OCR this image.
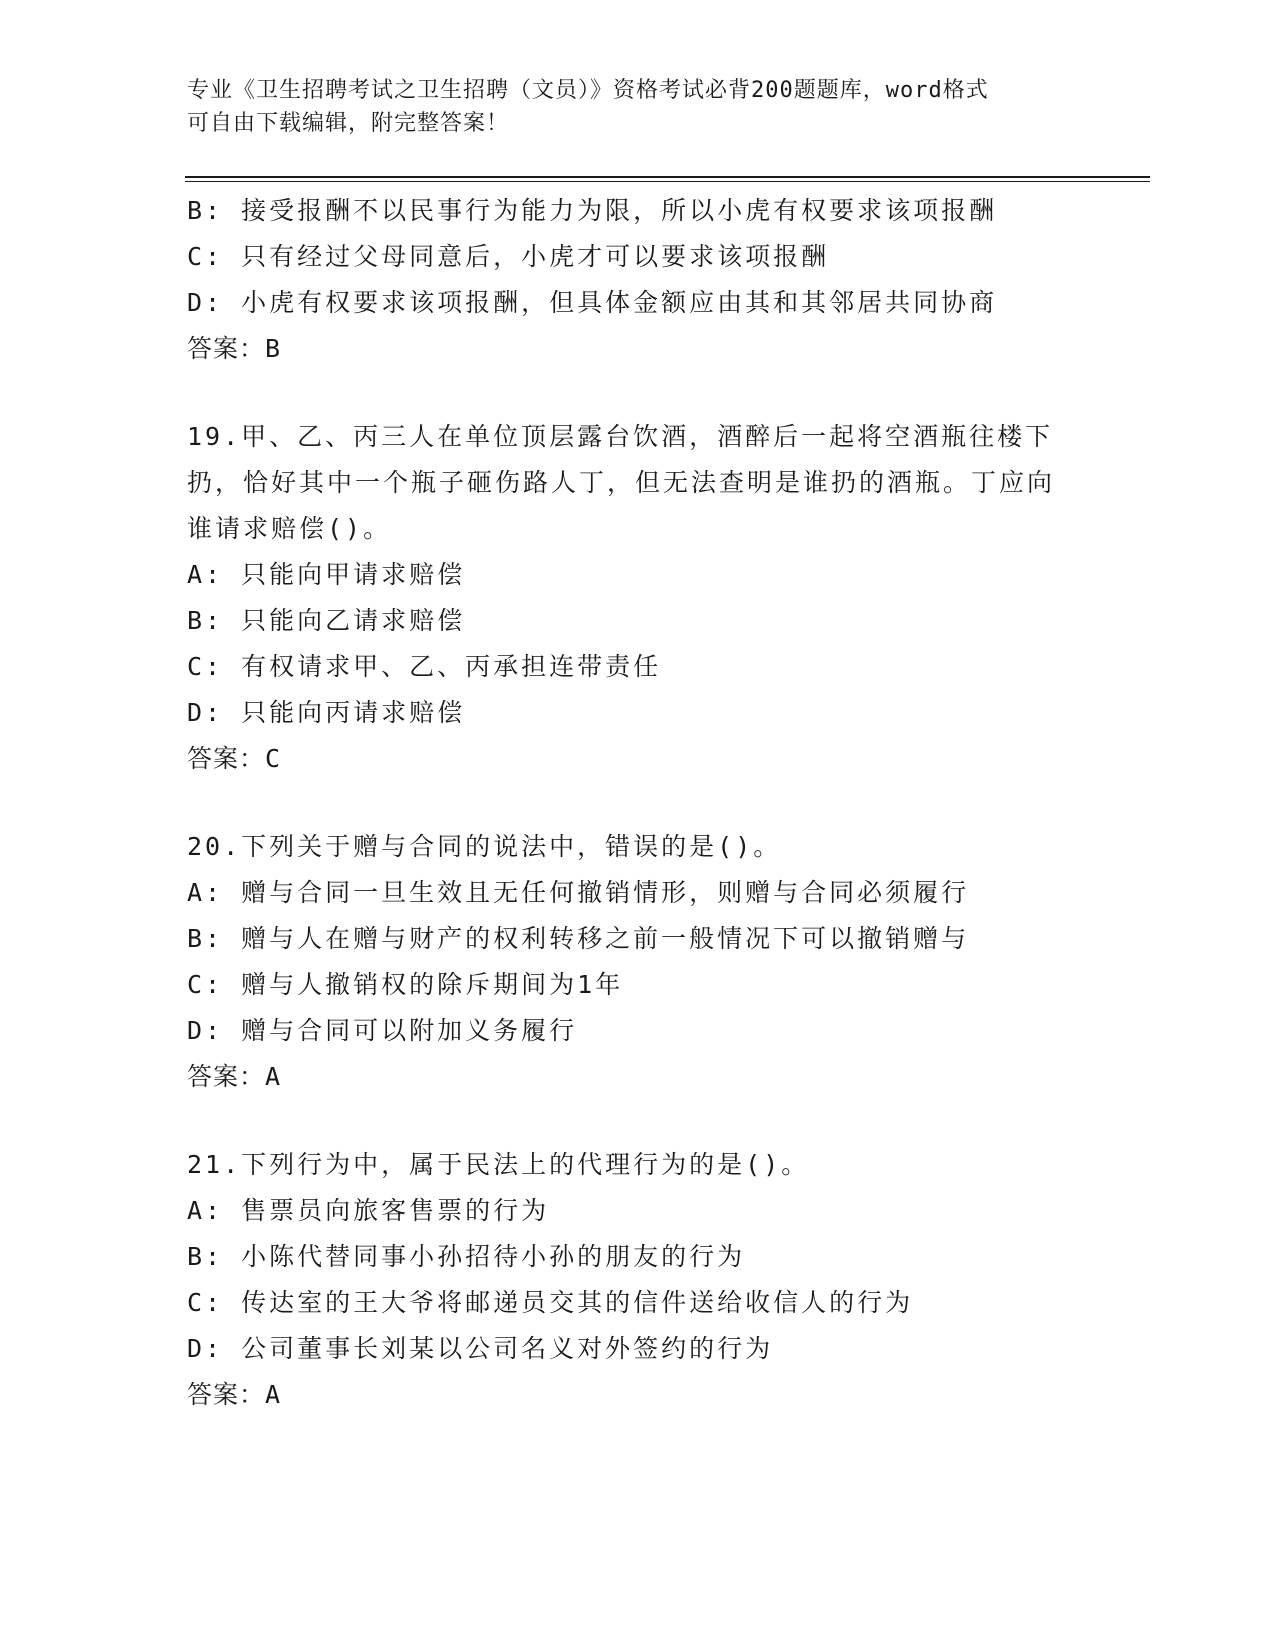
专业《卫生招聘考试之卫生招聘（文员）》资格考试必背200题题库，word格式
可自由下载编辑，附完整答案！
B: 接受报酬不以民事行为能力为限，所以小虎有权要求该项报酬
C: 只有经过父母同意后，小虎才可以要求该项报酬
D: 小虎有权要求该项报酬，但具体金额应由其和其邻居共同协商
答案：B
19.甲、乙、丙三人在单位顶层露台饮酒，酒醉后一起将空酒瓶往楼下扔，恰好其中一个瓶子砸伤路人丁，但无法查明是谁扔的酒瓶。丁应向谁请求赔偿()。
A: 只能向甲请求赔偿
B: 只能向乙请求赔偿
C: 有权请求甲、乙、丙承担连带责任
D: 只能向丙请求赔偿
答案：C
20.下列关于赠与合同的说法中，错误的是()。
A: 赠与合同一旦生效且无任何撤销情形，则赠与合同必须履行
B: 赠与人在赠与财产的权利转移之前一般情况下可以撤销赠与
C: 赠与人撤销权的除斥期间为1年
D: 赠与合同可以附加义务履行
答案：A
21.下列行为中，属于民法上的代理行为的是()。
A: 售票员向旅客售票的行为
B: 小陈代替同事小孙招待小孙的朋友的行为
C: 传达室的王大爷将邮递员交其的信件送给收信人的行为
D: 公司董事长刘某以公司名义对外签约的行为
答案：A
